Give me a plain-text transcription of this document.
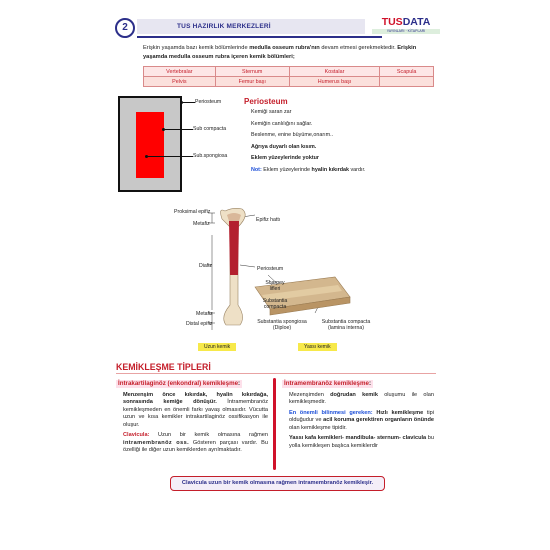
2	TUS HAZIRLIK MERKEZLERİ	TUSDATA
YAYINLARI · KİTAPLARI
Erişkin yaşamda bazı kemik bölümlerinde medulla osseum rubra'nın devam etmesi gerekmektedir. Erişkin yaşamda medulla osseum rubra içeren kemik bölümleri;
Vertebralar	Sternum	Kostalar	Scapula
Pelvis	Femur başı	Humerus başı	
Periosteum
Sub compacta
Sub.spongiosa
Periosteum

Kemiği saran zar

Kemiğin canlılığını sağlar.

Beslenme, enine büyüme,onarım..

Ağrıya duyarlı olan kısım.

Eklem yüzeylerinde yoktur

Not: Eklem yüzeylerinde hyalin kıkırdak vardır.

Proksimal epifiz
Metafiz
Epifiz hattı
Diafiz	Periosteum
Sharpey lifleri
Substantia compacta
Metafiz
Distal epifiz	Substantia spongiosa (Diploe)
Substantia compacta (lamina interna)
Uzun kemik	Yassı kemik
KEMİKLEŞME TİPLERİ
İntrakartilaginöz (enkondral) kemikleşme:

Menzenşim önce kıkırdak, hyalin kıkırdağa, sonrasında kemiğe dönüşür. İntramembranöz kemikleşmeden en önemli farkı yavaş olmasıdır. Vücutta uzun ve kısa kemikler intrakartilaginöz ossifikasyon ile oluşur.

Clavicula: Uzun bir kemik olmasına rağmen intramembranöz oss. Gösteren parçası vardır. Bu özelliği ile diğer uzun kemiklerden ayrılmaktadır.

İntramembranöz kemikleşme:

Mezenşimden doğrudan kemik oluşumu ile olan kemikleşmedir.

En önemli bilinmesi gereken: Hızlı kemikleşme tipi olduğudur ve acil koruma gerektiren organların önünde olan kemikleşme tipidir.

Yassı kafa kemikleri- mandibula- sternum- clavicula bu yolla kemikleşen başlıca kemiklerdir

Clavicula uzun bir kemik olmasına rağmen intramembranöz kemikleşir.
